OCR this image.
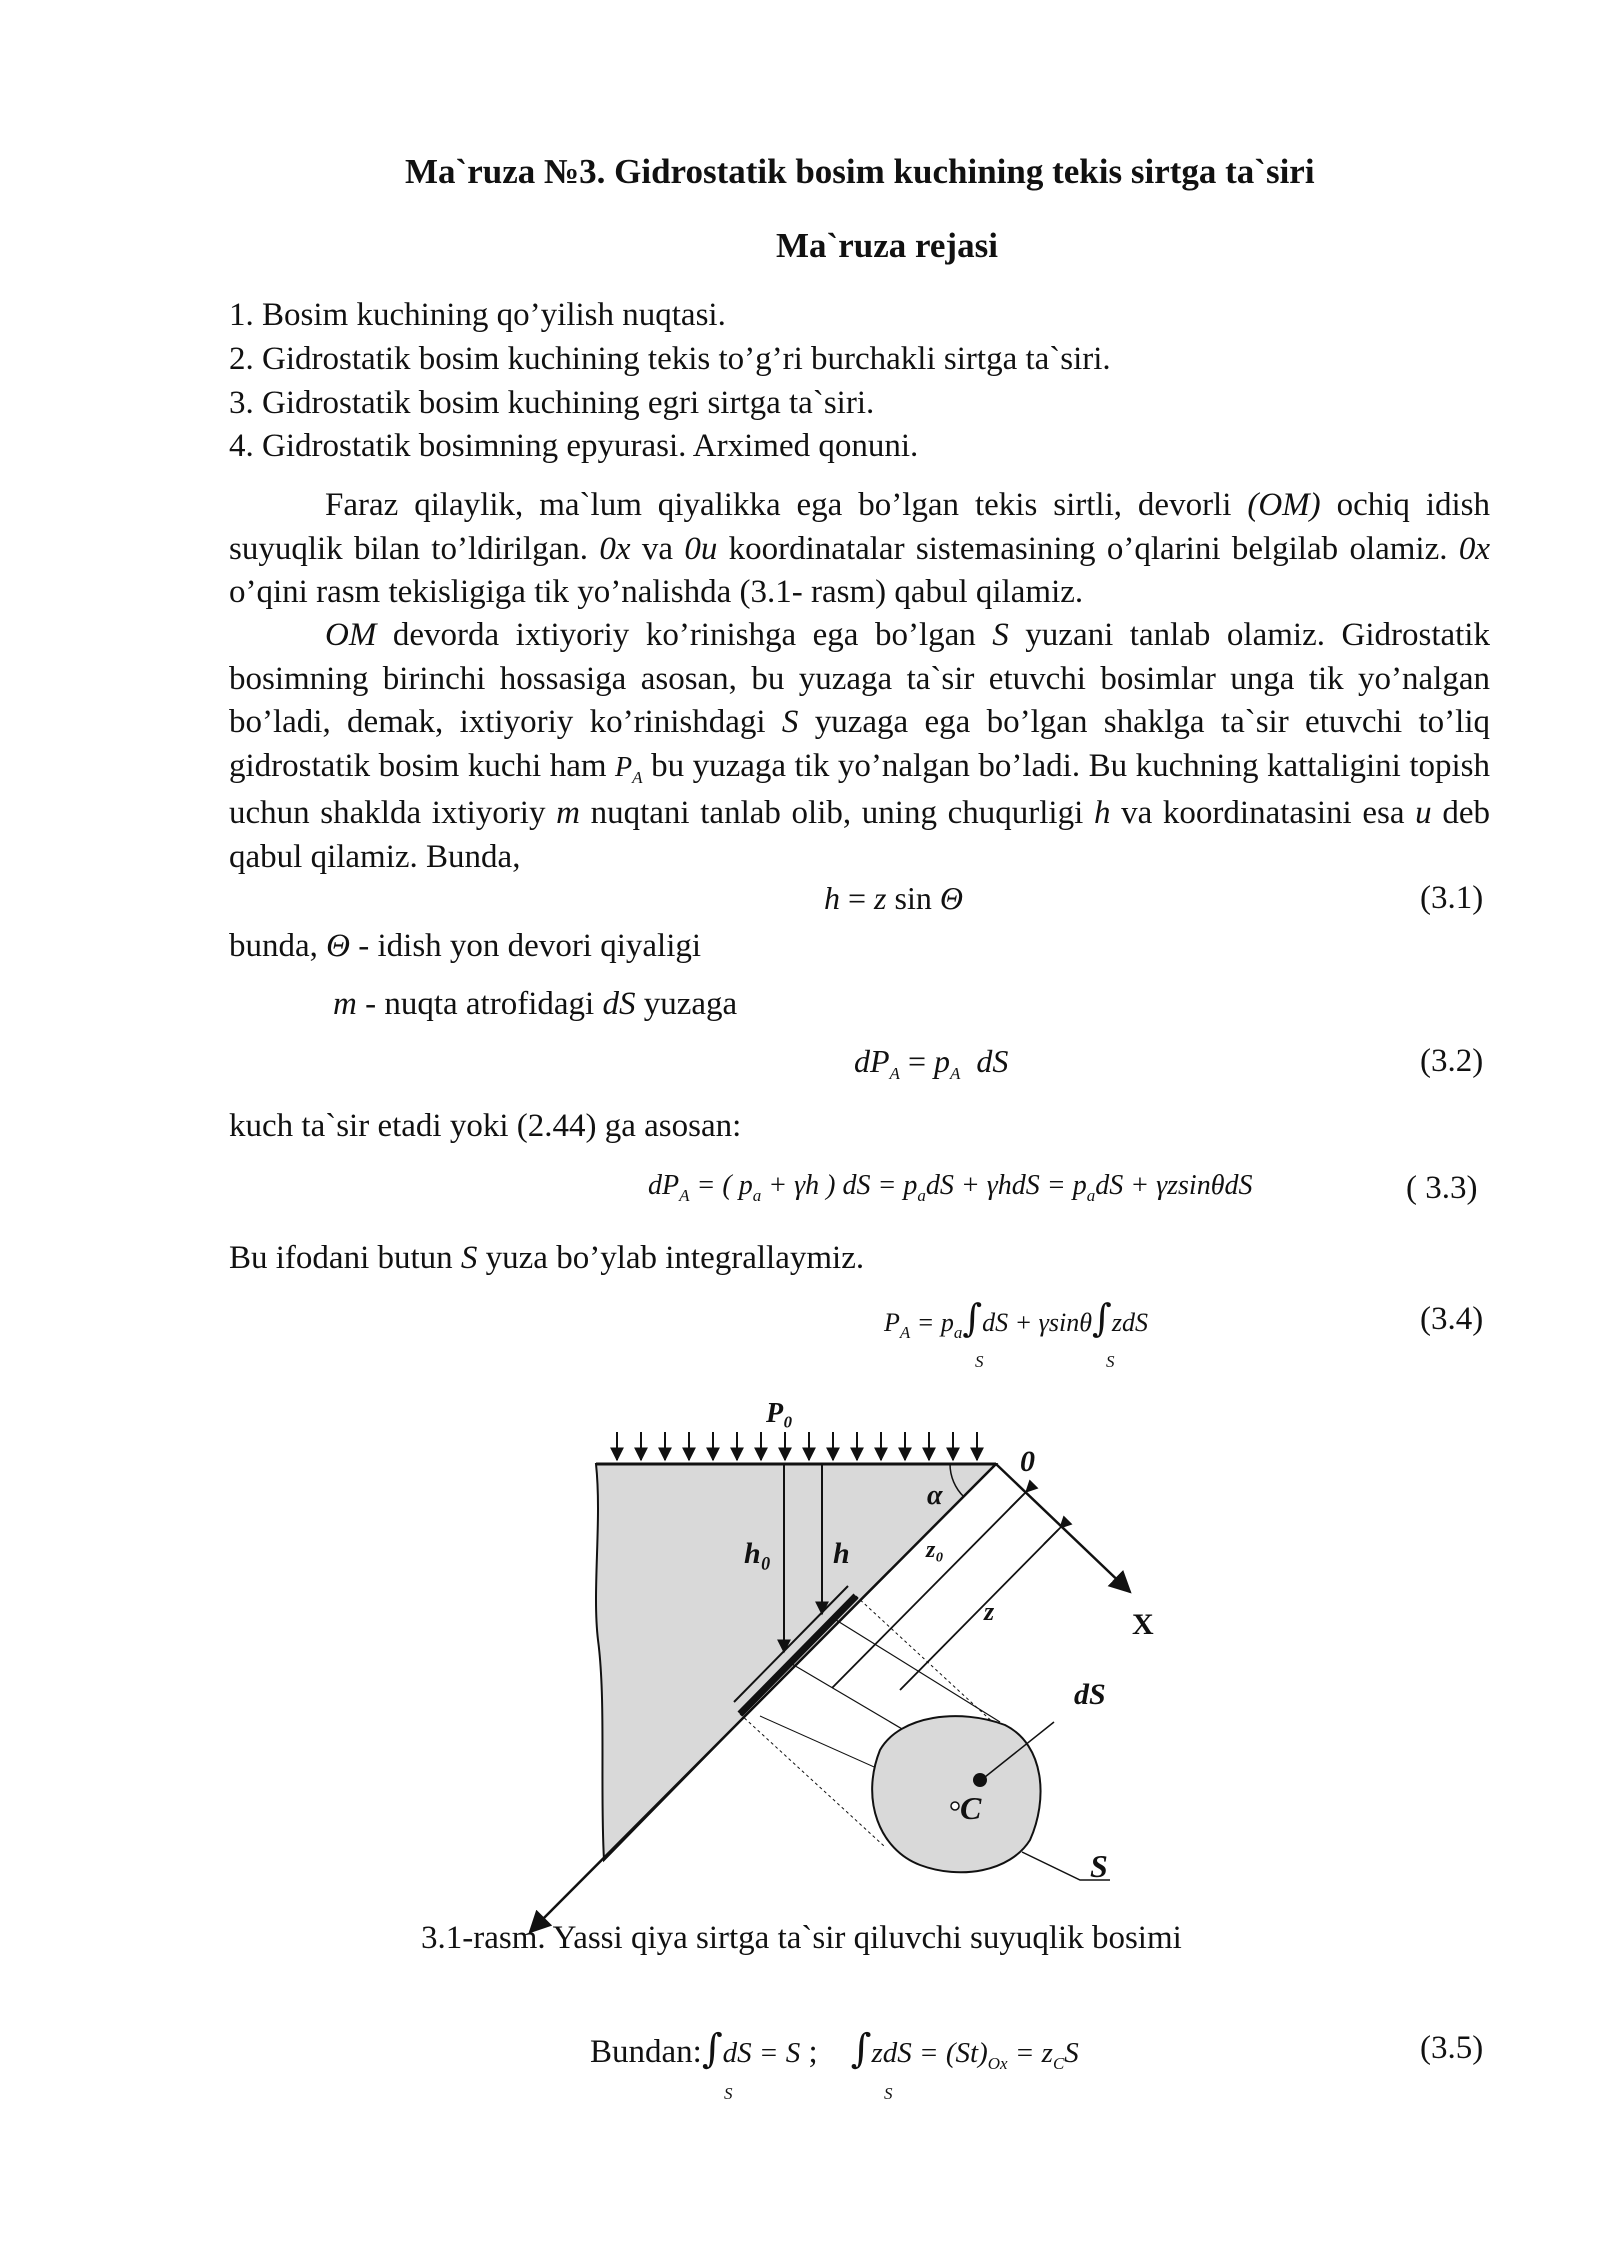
Ma`ruza №3. Gidrostatik bosim kuchining tekis sirtga ta`siri
Ma`ruza rejasi
1. Bosim kuchining qo’yilish nuqtasi.
2. Gidrostatik bosim kuchining tekis to’g’ri burchakli sirtga ta`siri.
3. Gidrostatik bosim kuchining egri sirtga ta`siri.
4. Gidrostatik bosimning epyurasi. Arximed qonuni.

Faraz qilaylik, ma`lum qiyalikka ega bo’lgan tekis sirtli, devorli (OM) ochiq idish suyuqlik bilan to’ldirilgan. 0x va 0u koordinatalar sistemasining o’qlarini belgilab olamiz. 0x o’qini rasm tekisligiga tik yo’nalishda (3.1- rasm) qabul qilamiz.

OM devorda ixtiyoriy ko’rinishga ega bo’lgan S yuzani tanlab olamiz. Gidrostatik bosimning birinchi hossasiga asosan, bu yuzaga ta`sir etuvchi bosimlar unga tik yo’nalgan bo’ladi, demak, ixtiyoriy ko’rinishdagi S yuzaga ega bo’lgan shaklga ta`sir etuvchi to’liq gidrostatik bosim kuchi ham $P_A$ bu yuzaga tik yo’nalgan bo’ladi. Bu kuchning kattaligini topish uchun shaklda ixtiyoriy m nuqtani tanlab olib, uning chuqurligi h va koordinatasini esa u deb qabul qilamiz. Bunda,

h = z sin Θ	(3.1)
bunda, Θ - idish yon devori qiyaligi
m - nuqta atrofidagi dS yuzaga
$dP_A = p_A$ dS	(3.2)
kuch ta`sir etadi yoki (2.44) ga asosan:
$dP_A$ = ( $p_a + \gamma h$ ) dS = $p_adS + \gamma hdS = p_adS + \gamma zsin\theta dS$	( 3.3)
Bu ifodani butun S yuza bo’ylab integrallaymiz.
$P_A = p_a\int dS + \gamma\sin\theta\int zdS$
S	S
(3.4)
P₀
0
α
h₀ h	z₀
z	X
dS
C
S
3.1-rasm. Yassi qiya sirtga ta`sir qiluvchi suyuqlik bosimi
Bundan:∫dS = S ; $\int zdS = (St)_{Ox} = z_CS$
S	S
(3.5)
